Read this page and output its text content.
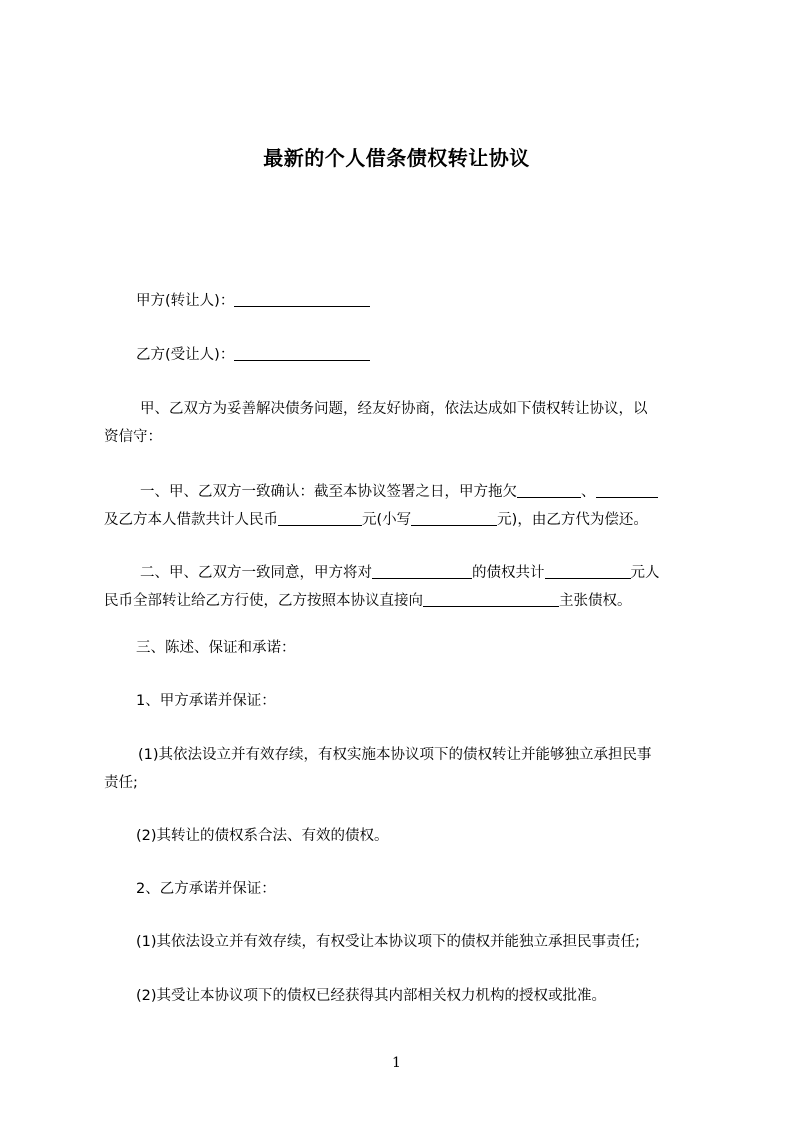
最新的个人借条债权转让协议
甲方(转让人)：
乙方(受让人)：
甲、乙双方为妥善解决债务问题，经友好协商，依法达成如下债权转让协议，以
资信守：
一、甲、乙双方一致确认：截至本协议签署之日，甲方拖欠	、
及乙方本人借款共计人民币	元(小写	元)，由乙方代为偿还。
二、甲、乙双方一致同意，甲方将对	的债权共计	元人
民币全部转让给乙方行使，乙方按照本协议直接向	主张债权。
三、陈述、保证和承诺：
1、甲方承诺并保证：
(1)其依法设立并有效存续，有权实施本协议项下的债权转让并能够独立承担民事
责任;
(2)其转让的债权系合法、有效的债权。
2、乙方承诺并保证：
(1)其依法设立并有效存续，有权受让本协议项下的债权并能独立承担民事责任;
(2)其受让本协议项下的债权已经获得其内部相关权力机构的授权或批准。
1
